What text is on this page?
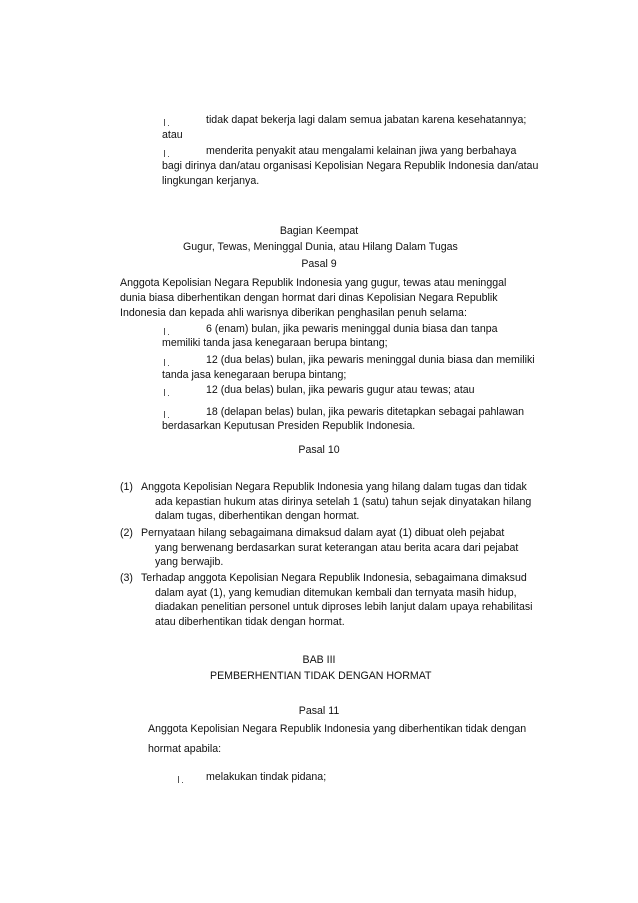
tidak dapat bekerja lagi dalam semua jabatan karena kesehatannya;
atau
menderita penyakit atau mengalami kelainan jiwa yang berbahaya
bagi dirinya dan/atau organisasi Kepolisian Negara Republik Indonesia dan/atau
lingkungan kerjanya.
Bagian Keempat
Gugur, Tewas, Meninggal Dunia, atau Hilang Dalam Tugas
Pasal 9
Anggota Kepolisian Negara Republik Indonesia yang gugur, tewas atau meninggal
dunia biasa diberhentikan dengan hormat dari dinas Kepolisian Negara Republik
Indonesia dan kepada ahli warisnya diberikan penghasilan penuh selama:
6 (enam) bulan, jika pewaris meninggal dunia biasa dan tanpa
memiliki tanda jasa kenegaraan berupa bintang;
12 (dua belas) bulan, jika pewaris meninggal dunia biasa dan memiliki
tanda jasa kenegaraan berupa bintang;
12 (dua belas) bulan, jika pewaris gugur atau tewas; atau
18 (delapan belas) bulan, jika pewaris ditetapkan sebagai pahlawan
berdasarkan Keputusan Presiden Republik Indonesia.
Pasal 10
(1) Anggota Kepolisian Negara Republik Indonesia yang hilang dalam tugas dan tidak
ada kepastian hukum atas dirinya setelah 1 (satu) tahun sejak dinyatakan hilang
dalam tugas, diberhentikan dengan hormat.
(2) Pernyataan hilang sebagaimana dimaksud dalam ayat (1) dibuat oleh pejabat
yang berwenang berdasarkan surat keterangan atau berita acara dari pejabat
yang berwajib.
(3) Terhadap anggota Kepolisian Negara Republik Indonesia, sebagaimana dimaksud
dalam ayat (1), yang kemudian ditemukan kembali dan ternyata masih hidup,
diadakan penelitian personel untuk diproses lebih lanjut dalam upaya rehabilitasi
atau diberhentikan tidak dengan hormat.
BAB III
PEMBERHENTIAN TIDAK DENGAN HORMAT
Pasal 11
Anggota Kepolisian Negara Republik Indonesia yang diberhentikan tidak dengan
hormat apabila:
melakukan tindak pidana;
